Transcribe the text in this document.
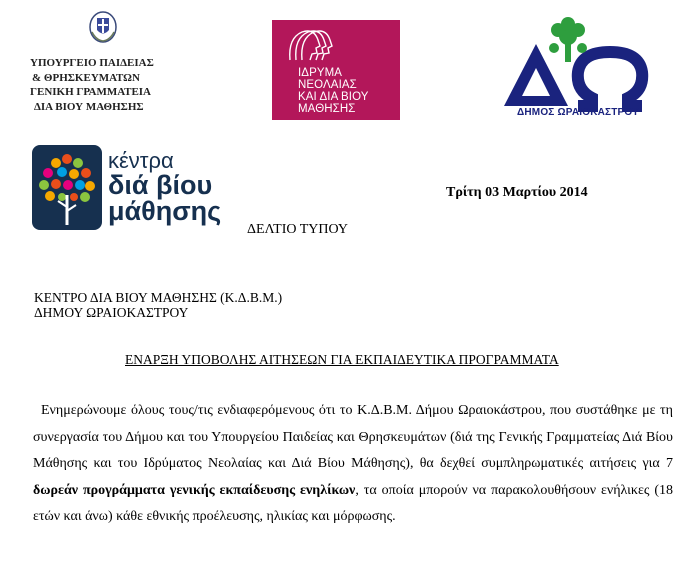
ΥΠΟΥΡΓΕΙΟ ΠΑΙΔΕΙΑΣ
& ΘΡΗΣΚΕΥΜΑΤΩΝ
ΓΕΝΙΚΗ ΓΡΑΜΜΑΤΕΙΑ
ΔΙΑ ΒΙΟΥ ΜΑΘΗΣΗΣ
ΙΔΡΥΜΑ
ΝΕΟΛΑΙΑΣ
ΚΑΙ ΔΙΑ ΒΙΟΥ
ΜΑΘΗΣΗΣ	ΔΗΜΟΣ ΩΡΑΙΟΚΑΣΤΡΟΥ
κέντρα
διά βίου
μάθησης
Τρίτη 03 Μαρτίου 2014
ΔΕΛΤΙΟ ΤΥΠΟΥ
ΚΕΝΤΡΟ ΔΙΑ ΒΙΟΥ ΜΑΘΗΣΗΣ (Κ.Δ.Β.Μ.)
ΔΗΜΟΥ ΩΡΑΙΟΚΑΣΤΡΟΥ
ΕΝΑΡΞΗ ΥΠΟΒΟΛΗΣ ΑΙΤΗΣΕΩΝ ΓΙΑ ΕΚΠΑΙΔΕΥΤΙΚΑ ΠΡΟΓΡΑΜΜΑΤΑ
Ενημερώνουμε όλους τους/τις ενδιαφερόμενους ότι το Κ.Δ.Β.Μ. Δήμου Ωραιοκάστρου, που συστάθηκε με τη συνεργασία του Δήμου και του Υπουργείου Παιδείας και Θρησκευμάτων (διά της Γενικής Γραμματείας Διά Βίου Μάθησης και του Ιδρύματος Νεολαίας και Διά Βίου Μάθησης), θα δεχθεί συμπληρωματικές αιτήσεις για 7 δωρεάν προγράμματα γενικής εκπαίδευσης ενηλίκων, τα οποία μπορούν να παρακολουθήσουν ενήλικες (18 ετών και άνω) κάθε εθνικής προέλευσης, ηλικίας και μόρφωσης.
